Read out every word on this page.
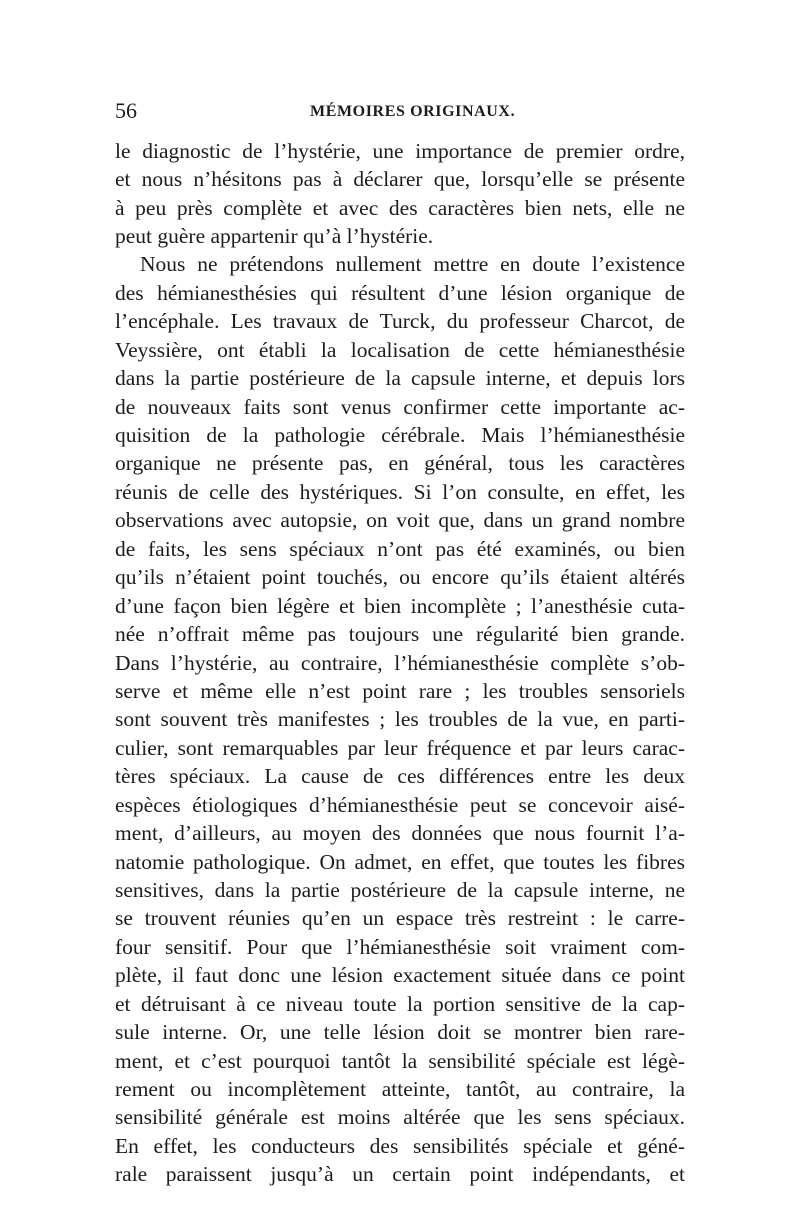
56	MÉMOIRES ORIGINAUX.
le diagnostic de l’hystérie, une importance de premier ordre,
et nous n’hésitons pas à déclarer que, lorsqu’elle se présente
à peu près complète et avec des caractères bien nets, elle ne
peut guère appartenir qu’à l’hystérie.
Nous ne prétendons nullement mettre en doute l’existence
des hémianesthésies qui résultent d’une lésion organique de
l’encéphale. Les travaux de Turck, du professeur Charcot, de
Veyssière, ont établi la localisation de cette hémianesthésie
dans la partie postérieure de la capsule interne, et depuis lors
de nouveaux faits sont venus confirmer cette importante ac-
quisition de la pathologie cérébrale. Mais l’hémianesthésie
organique ne présente pas, en général, tous les caractères
réunis de celle des hystériques. Si l’on consulte, en effet, les
observations avec autopsie, on voit que, dans un grand nombre
de faits, les sens spéciaux n’ont pas été examinés, ou bien
qu’ils n’étaient point touchés, ou encore qu’ils étaient altérés
d’une façon bien légère et bien incomplète ; l’anesthésie cuta-
née n’offrait même pas toujours une régularité bien grande.
Dans l’hystérie, au contraire, l’hémianesthésie complète s’ob-
serve et même elle n’est point rare ; les troubles sensoriels
sont souvent très manifestes ; les troubles de la vue, en parti-
culier, sont remarquables par leur fréquence et par leurs carac-
tères spéciaux. La cause de ces différences entre les deux
espèces étiologiques d’hémianesthésie peut se concevoir aisé-
ment, d’ailleurs, au moyen des données que nous fournit l’a-
natomie pathologique. On admet, en effet, que toutes les fibres
sensitives, dans la partie postérieure de la capsule interne, ne
se trouvent réunies qu’en un espace très restreint : le carre-
four sensitif. Pour que l’hémianesthésie soit vraiment com-
plète, il faut donc une lésion exactement située dans ce point
et détruisant à ce niveau toute la portion sensitive de la cap-
sule interne. Or, une telle lésion doit se montrer bien rare-
ment, et c’est pourquoi tantôt la sensibilité spéciale est légè-
rement ou incomplètement atteinte, tantôt, au contraire, la
sensibilité générale est moins altérée que les sens spéciaux.
En effet, les conducteurs des sensibilités spéciale et géné-
rale paraissent jusqu’à un certain point indépendants, et
